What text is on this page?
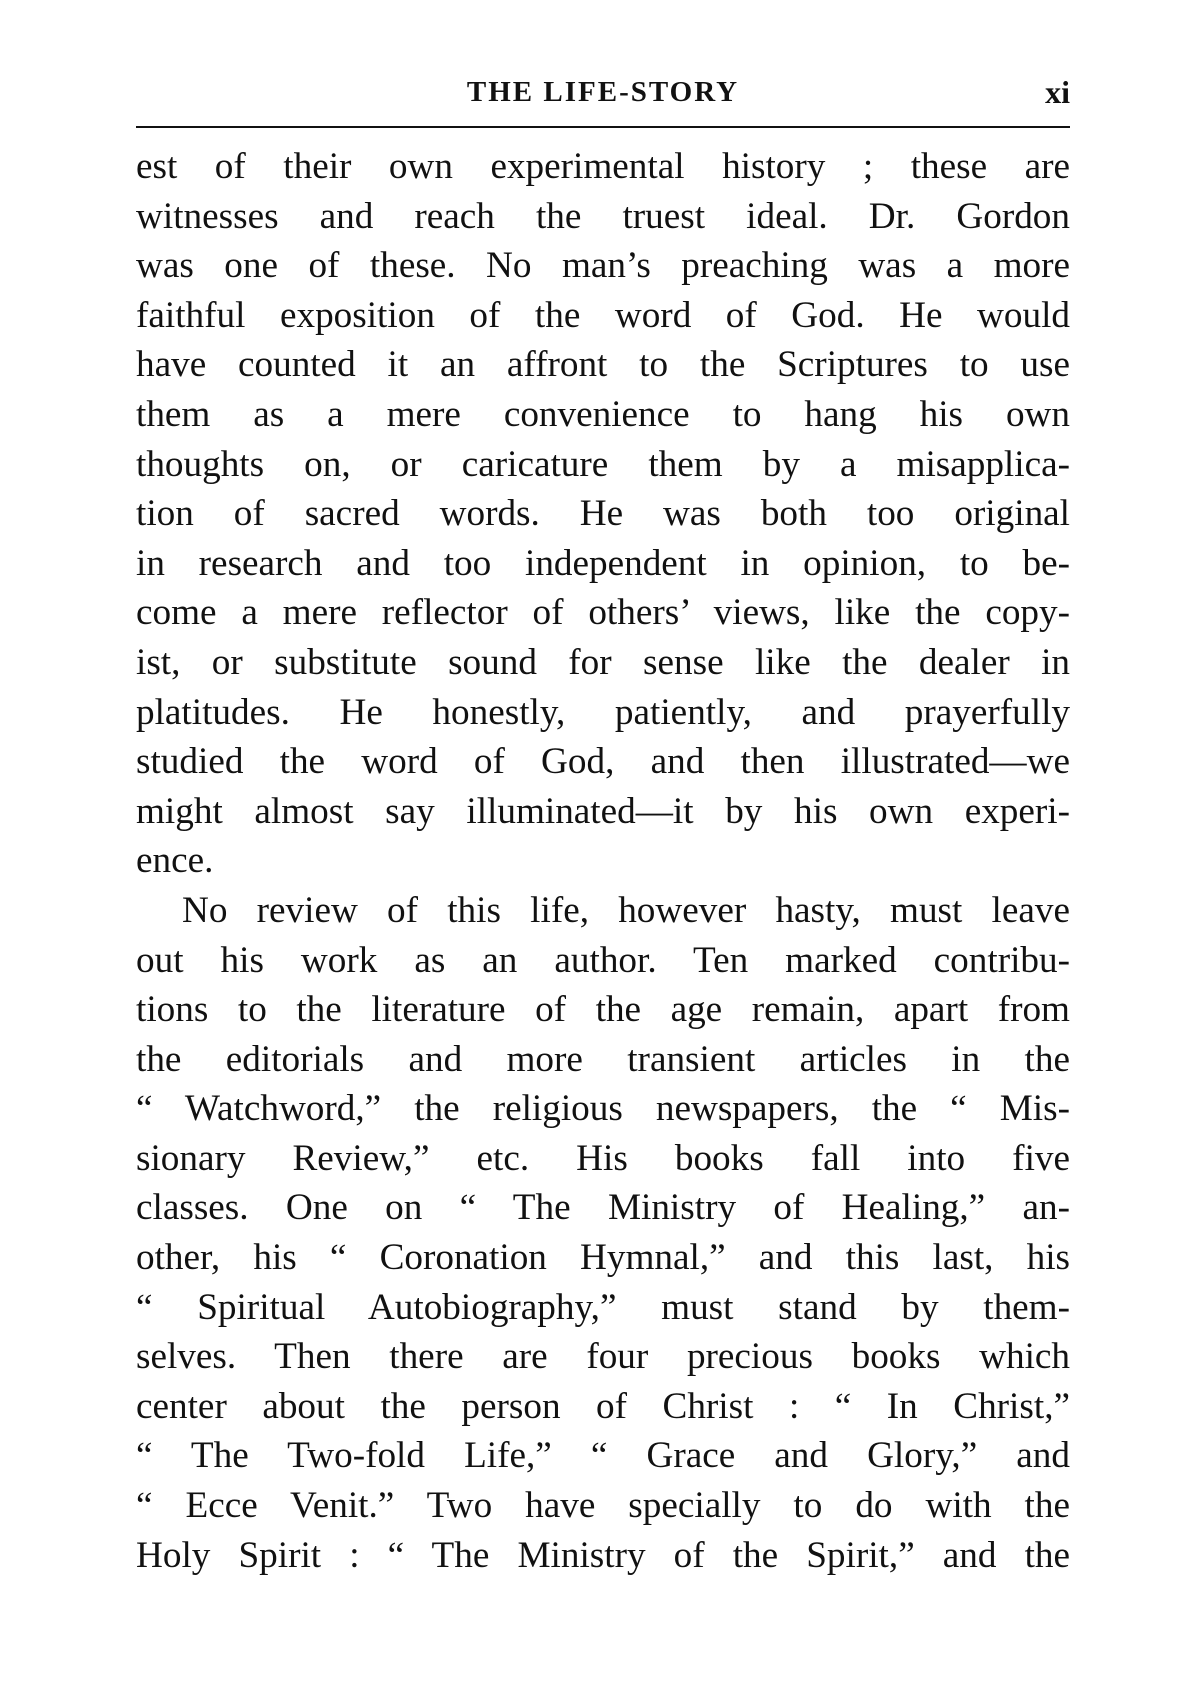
THE LIFE-STORY	xi
est of their own experimental history ; these are
witnesses and reach the truest ideal. Dr. Gordon
was one of these. No man’s preaching was a more
faithful exposition of the word of God. He would
have counted it an affront to the Scriptures to use
them as a mere convenience to hang his own
thoughts on, or caricature them by a misapplica-
tion of sacred words. He was both too original
in research and too independent in opinion, to be-
come a mere reflector of others’ views, like the copy-
ist, or substitute sound for sense like the dealer in
platitudes. He honestly, patiently, and prayerfully
studied the word of God, and then illustrated—we
might almost say illuminated—it by his own experi-
ence.
No review of this life, however hasty, must leave
out his work as an author. Ten marked contribu-
tions to the literature of the age remain, apart from
the editorials and more transient articles in the
“ Watchword,” the religious newspapers, the “ Mis-
sionary Review,” etc. His books fall into five
classes. One on “ The Ministry of Healing,” an-
other, his “ Coronation Hymnal,” and this last, his
“ Spiritual Autobiography,” must stand by them-
selves. Then there are four precious books which
center about the person of Christ : “ In Christ,”
“ The Two-fold Life,” “ Grace and Glory,” and
“ Ecce Venit.” Two have specially to do with the
Holy Spirit : “ The Ministry of the Spirit,” and the
